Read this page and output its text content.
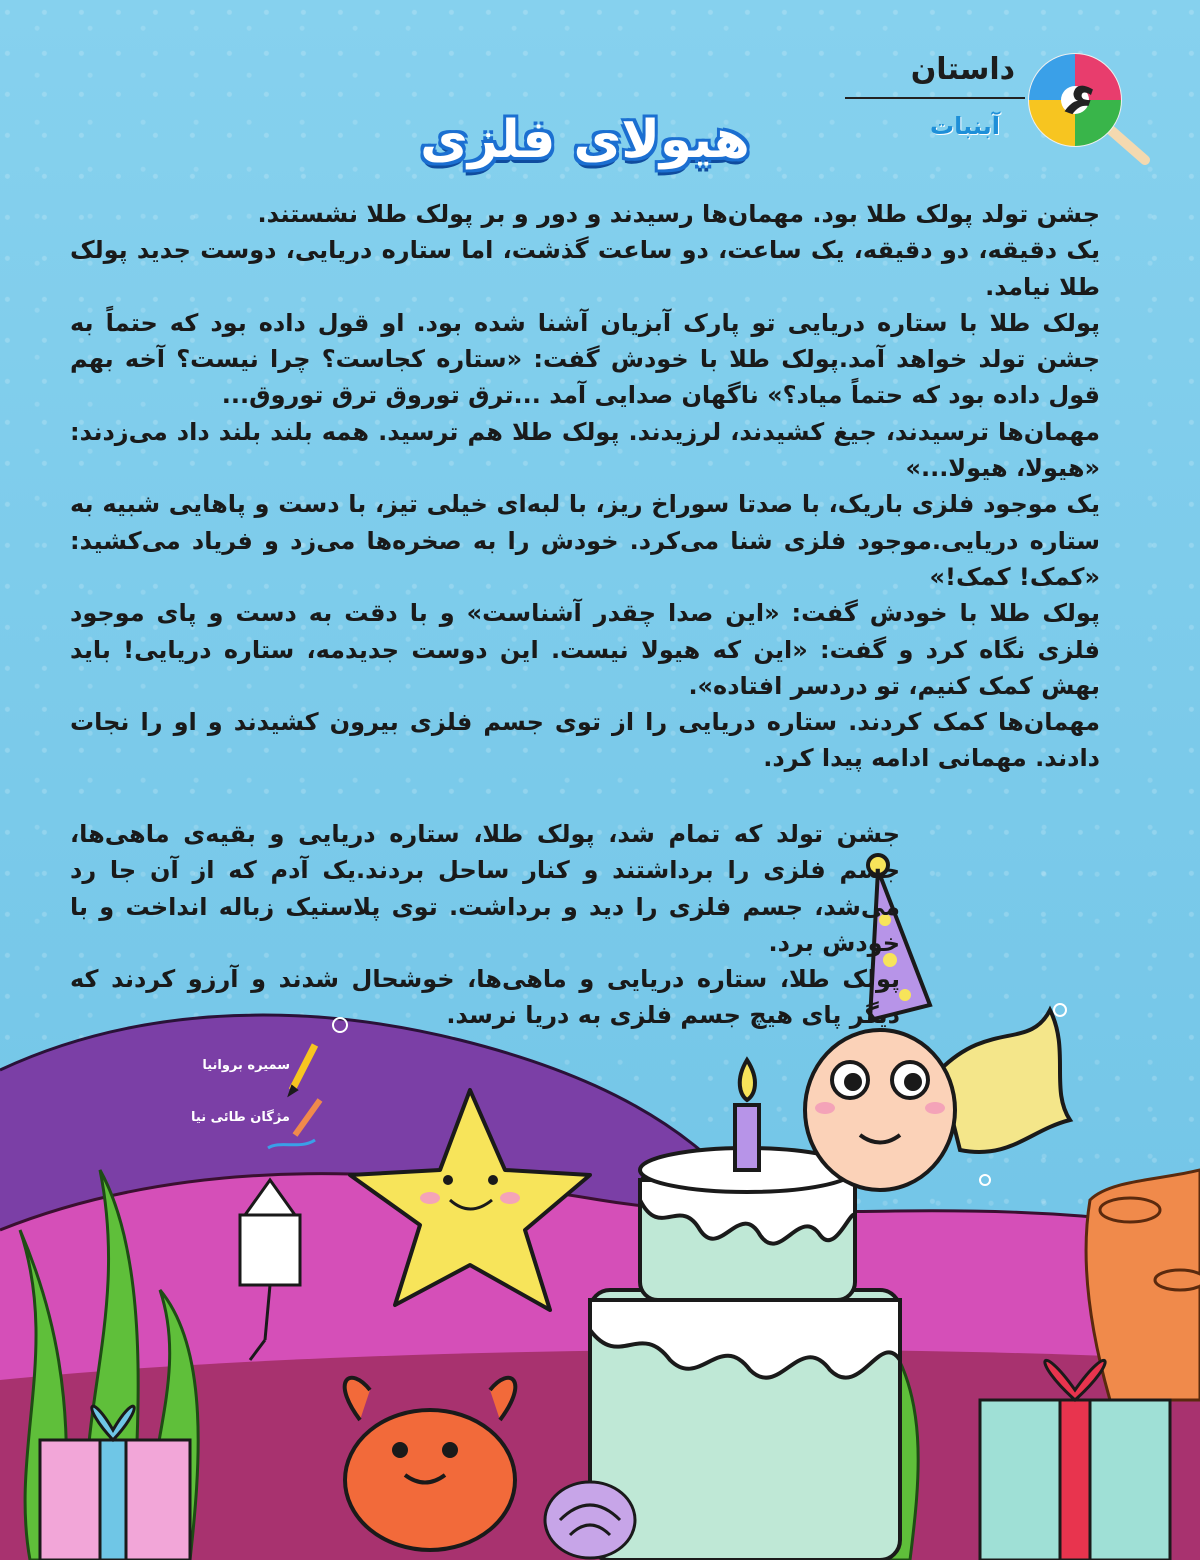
داستان ۶
آبنبات
هیولای فلزی

جشن تولد پولک طلا بود. مهمان‌ها رسیدند و دور و بر پولک طلا نشستند.

یک دقیقه، دو دقیقه، یک ساعت، دو ساعت گذشت، اما ستاره دریایی، دوست جدید پولک طلا نیامد.

پولک طلا با ستاره دریایی تو پارک آبزیان آشنا شده بود. او قول داده بود که حتماً به جشن تولد خواهد آمد.پولک طلا با خودش گفت: «ستاره کجاست؟ چرا نیست؟ آخه بهم قول داده بود که حتماً میاد؟» ناگهان صدایی آمد ...ترق توروق ترق توروق...

مهمان‌ها ترسیدند، جیغ کشیدند، لرزیدند. پولک طلا هم ترسید. همه بلند بلند داد می‌زدند: «هیولا، هیولا...»

یک موجود فلزی باریک، با صدتا سوراخ ریز، با لبه‌ای خیلی تیز، با دست و پاهایی شبیه به ستاره دریایی.موجود فلزی شنا می‌کرد. خودش را به صخره‌ها می‌زد و فریاد می‌کشید: «کمک! کمک!»

پولک طلا با خودش گفت: «این صدا چقدر آشناست» و با دقت به دست و پای موجود فلزی نگاه کرد و گفت: «این که هیولا نیست. این دوست جدیدمه، ستاره دریایی! باید بهش کمک کنیم، تو دردسر افتاده».

مهمان‌ها کمک کردند. ستاره دریایی را از توی جسم فلزی بیرون کشیدند و او را نجات دادند. مهمانی ادامه پیدا کرد.

جشن تولد که تمام شد، پولک طلا، ستاره دریایی و بقیه‌ی ماهی‌ها، جسم فلزی را برداشتند و کنار ساحل بردند.یک آدم که از آن جا رد می‌شد، جسم فلزی را دید و برداشت. توی پلاستیک زباله انداخت و با خودش برد.

پولک طلا، ستاره دریایی و ماهی‌ها، خوشحال شدند و آرزو کردند که دیگر پای هیچ جسم فلزی به دریا نرسد.

سمیره بروانیا
مژگان طائی نیا
